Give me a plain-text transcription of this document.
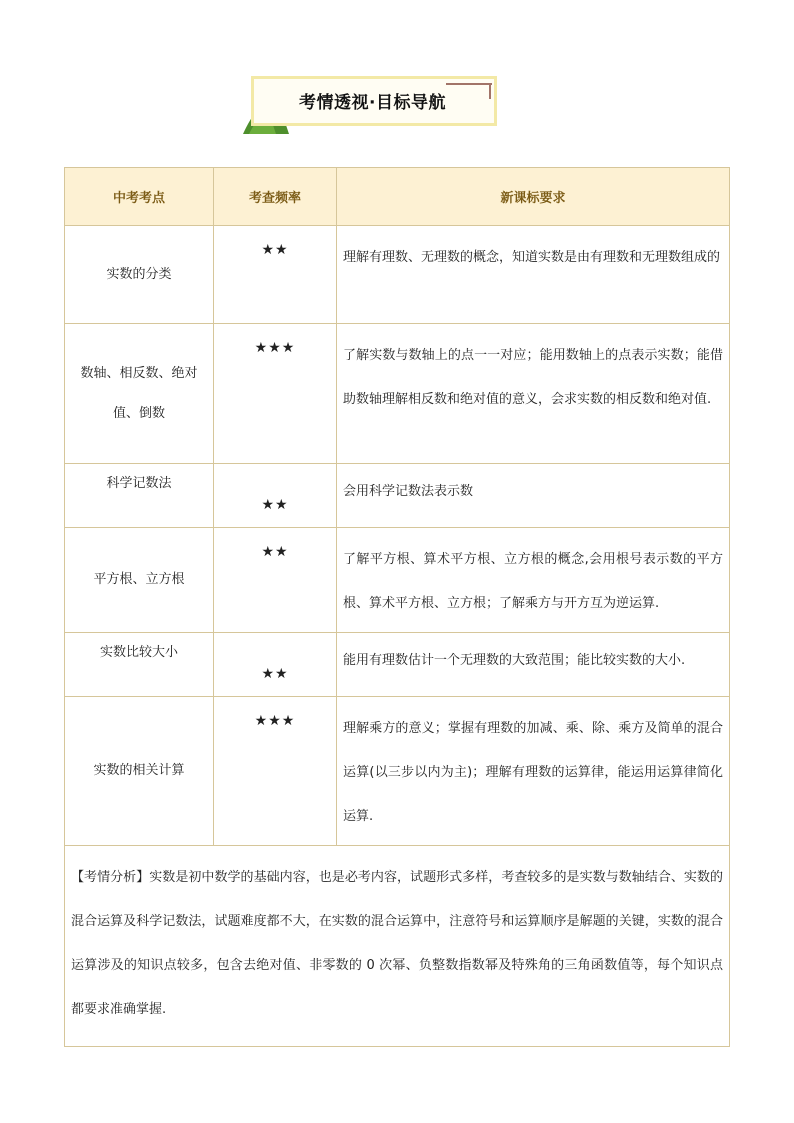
考情透视·目标导航
中考考点	考查频率	新课标要求
实数的分类	★★	理解有理数、无理数的概念，知道实数是由有理数和无理数组成的
数轴、相反数、绝对值、倒数	★★★	了解实数与数轴上的点一一对应；能用数轴上的点表示实数；能借助数轴理解相反数和绝对值的意义，会求实数的相反数和绝对值.
科学记数法	★★	会用科学记数法表示数
平方根、立方根	★★	了解平方根、算术平方根、立方根的概念,会用根号表示数的平方根、算术平方根、立方根；了解乘方与开方互为逆运算.
实数比较大小	★★	能用有理数估计一个无理数的大致范围；能比较实数的大小.
实数的相关计算	★★★	理解乘方的意义；掌握有理数的加减、乘、除、乘方及简单的混合运算(以三步以内为主)；理解有理数的运算律，能运用运算律简化运算.
【考情分析】实数是初中数学的基础内容，也是必考内容，试题形式多样，考查较多的是实数与数轴结合、实数的混合运算及科学记数法，试题难度都不大，在实数的混合运算中，注意符号和运算顺序是解题的关键，实数的混合运算涉及的知识点较多，包含去绝对值、非零数的 0 次幂、负整数指数幂及特殊角的三角函数值等，每个知识点都要求准确掌握.		
